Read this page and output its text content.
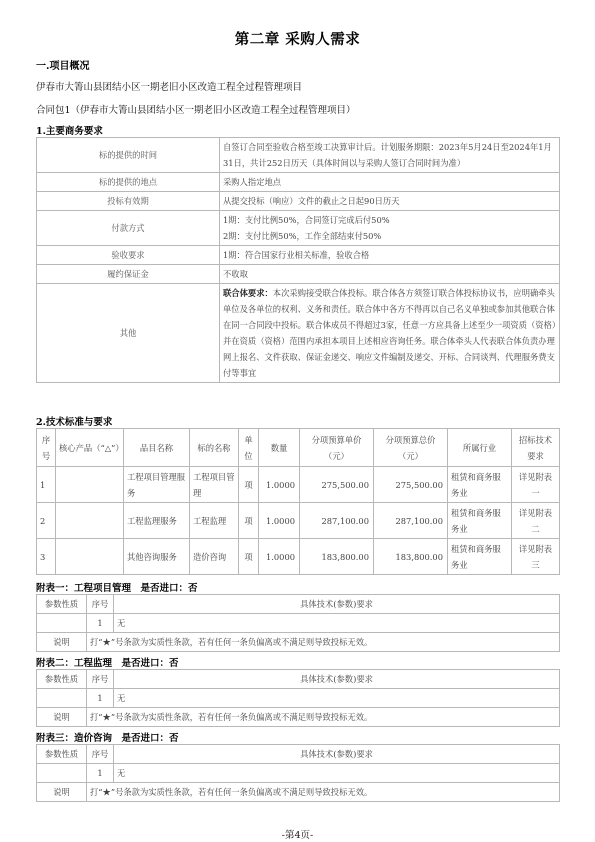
第二章 采购人需求
一.项目概况
伊春市大箐山县团结小区一期老旧小区改造工程全过程管理项目
合同包1（伊春市大箐山县团结小区一期老旧小区改造工程全过程管理项目）
1.主要商务要求
标的提供的时间	自签订合同至验收合格至竣工决算审计后。计划服务期限：2023年5月24日至2024年1月31日，共计252日历天（具体时间以与采购人签订合同时间为准）
标的提供的地点	采购人指定地点
投标有效期	从提交投标（响应）文件的截止之日起90日历天
付款方式	1期：支付比例50%，合同签订完成后付50%
2期：支付比例50%，工作全部结束付50%

验收要求	1期：符合国家行业相关标准，验收合格
履约保证金	不收取
其他	联合体要求：本次采购接受联合体投标。联合体各方须签订联合体投标协议书，应明确牵头单位及各单位的权利、义务和责任。联合体中各方不得再以自己名义单独或参加其他联合体在同一合同段中投标。联合体成员不得超过3家，任意一方应具备上述至少一项资质（资格）并在资质（资格）范围内承担本项目上述相应咨询任务。联合体牵头人代表联合体负责办理网上报名、文件获取、保证金递交、响应文件编制及递交、开标、合同谈判、代理服务费支付等事宜
2.技术标准与要求
序号	核心产品（“△”）	品目名称	标的名称	单位	数量	分项预算单价（元）	分项预算总价（元）	所属行业	招标技术要求
1		工程项目管理服务	工程项目管理	项	1.0000	275,500.00	275,500.00	租赁和商务服务业	详见附表一
2		工程监理服务	工程监理	项	1.0000	287,100.00	287,100.00	租赁和商务服务业	详见附表二
3		其他咨询服务	造价咨询	项	1.0000	183,800.00	183,800.00	租赁和商务服务业	详见附表三
附表一：工程项目管理　是否进口：否
参数性质	序号	具体技术(参数)要求
	1	无
说明	打“★”号条款为实质性条款，若有任何一条负偏离或不满足则导致投标无效。	
附表二：工程监理　是否进口：否
参数性质	序号	具体技术(参数)要求
	1	无
说明	打“★”号条款为实质性条款，若有任何一条负偏离或不满足则导致投标无效。	
附表三：造价咨询　是否进口：否
参数性质	序号	具体技术(参数)要求
	1	无
说明	打“★”号条款为实质性条款，若有任何一条负偏离或不满足则导致投标无效。	
-第4页-
